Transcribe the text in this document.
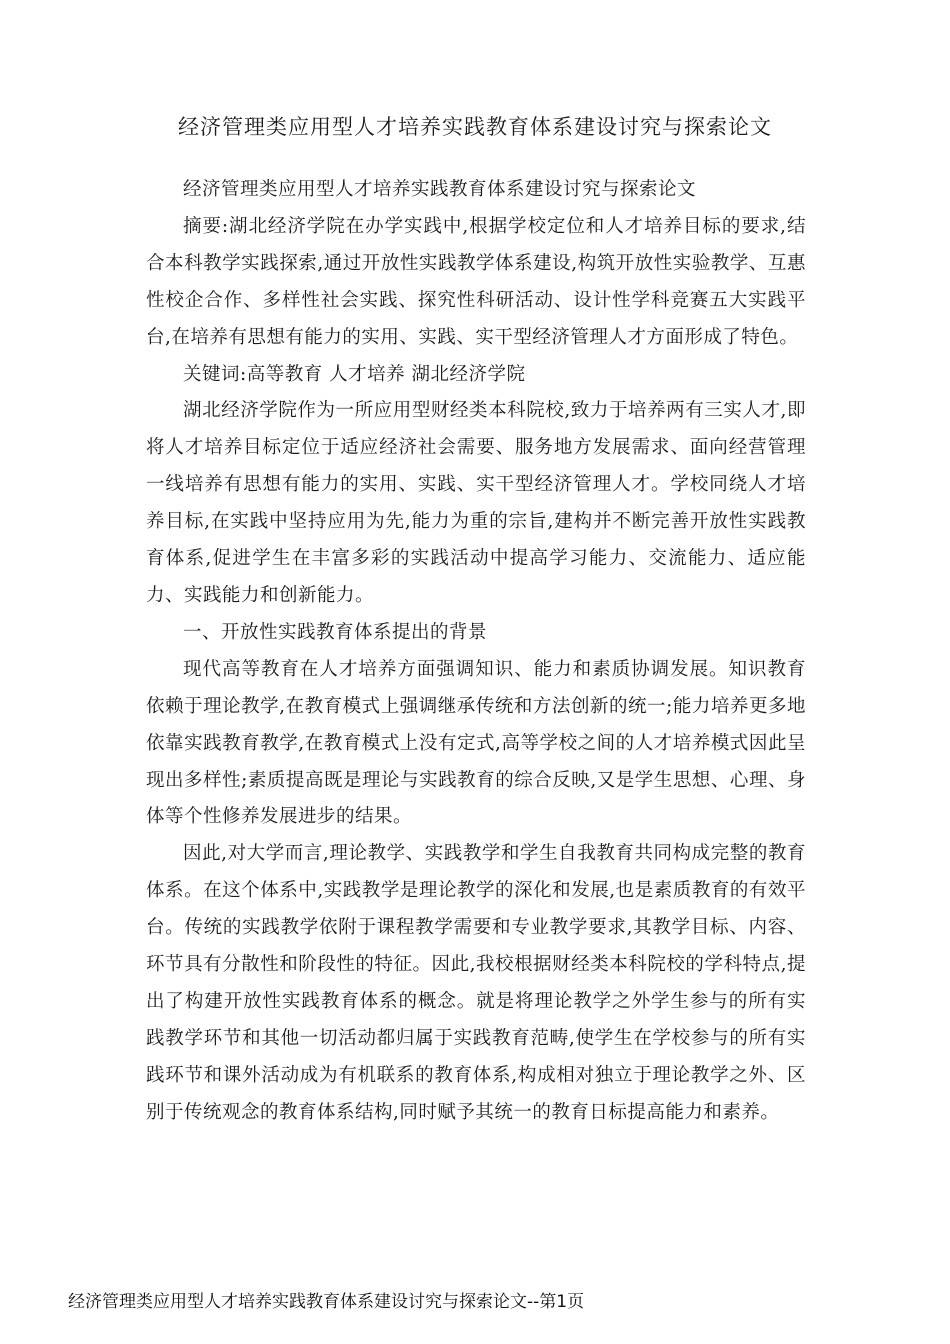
经济管理类应用型人才培养实践教育体系建设讨究与探索论文

经济管理类应用型人才培养实践教育体系建设讨究与探索论文

摘要:湖北经济学院在办学实践中,根据学校定位和人才培养目标的要求,结合本科教学实践探索,通过开放性实践教学体系建设,构筑开放性实验教学、互惠性校企合作、多样性社会实践、探究性科研活动、设计性学科竞赛五大实践平台,在培养有思想有能力的实用、实践、实干型经济管理人才方面形成了特色。

关键词:高等教育 人才培养 湖北经济学院

湖北经济学院作为一所应用型财经类本科院校,致力于培养两有三实人才,即将人才培养目标定位于适应经济社会需要、服务地方发展需求、面向经营管理一线培养有思想有能力的实用、实践、实干型经济管理人才。学校同绕人才培养目标,在实践中坚持应用为先,能力为重的宗旨,建构并不断完善开放性实践教育体系,促进学生在丰富多彩的实践活动中提高学习能力、交流能力、适应能力、实践能力和创新能力。

一、开放性实践教育体系提出的背景

现代高等教育在人才培养方面强调知识、能力和素质协调发展。知识教育依赖于理论教学,在教育模式上强调继承传统和方法创新的统一;能力培养更多地依靠实践教育教学,在教育模式上没有定式,高等学校之间的人才培养模式因此呈现出多样性;素质提高既是理论与实践教育的综合反映,又是学生思想、心理、身体等个性修养发展进步的结果。

因此,对大学而言,理论教学、实践教学和学生自我教育共同构成完整的教育体系。在这个体系中,实践教学是理论教学的深化和发展,也是素质教育的有效平台。传统的实践教学依附于课程教学需要和专业教学要求,其教学目标、内容、环节具有分散性和阶段性的特征。因此,我校根据财经类本科院校的学科特点,提出了构建开放性实践教育体系的概念。就是将理论教学之外学生参与的所有实践教学环节和其他一切活动都归属于实践教育范畴,使学生在学校参与的所有实践环节和课外活动成为有机联系的教育体系,构成相对独立于理论教学之外、区别于传统观念的教育体系结构,同时赋予其统一的教育日标提高能力和素养。

经济管理类应用型人才培养实践教育体系建设讨究与探索论文--第1页
